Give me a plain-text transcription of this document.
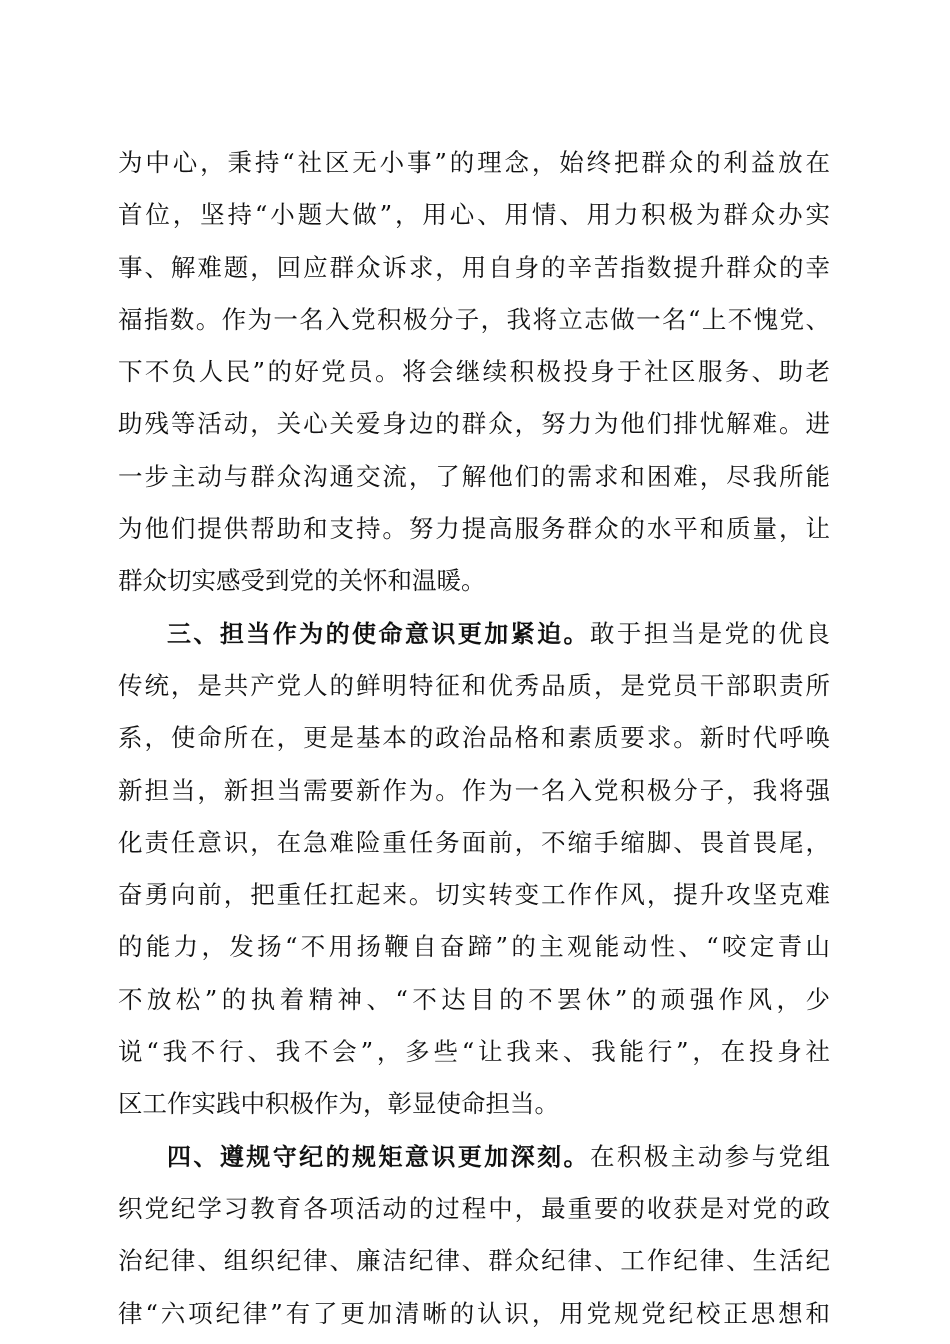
为中心，秉持“社区无小事”的理念，始终把群众的利益放在
首位，坚持“小题大做”，用心、用情、用力积极为群众办实
事、解难题，回应群众诉求，用自身的辛苦指数提升群众的幸
福指数。作为一名入党积极分子，我将立志做一名“上不愧党、
下不负人民”的好党员。将会继续积极投身于社区服务、助老
助残等活动，关心关爱身边的群众，努力为他们排忧解难。进
一步主动与群众沟通交流，了解他们的需求和困难，尽我所能
为他们提供帮助和支持。努力提高服务群众的水平和质量，让
群众切实感受到党的关怀和温暖。
三、担当作为的使命意识更加紧迫。敢于担当是党的优良
传统，是共产党人的鲜明特征和优秀品质，是党员干部职责所
系，使命所在，更是基本的政治品格和素质要求。新时代呼唤
新担当，新担当需要新作为。作为一名入党积极分子，我将强
化责任意识，在急难险重任务面前，不缩手缩脚、畏首畏尾，
奋勇向前，把重任扛起来。切实转变工作作风，提升攻坚克难
的能力，发扬“不用扬鞭自奋蹄”的主观能动性、“咬定青山
不放松”的执着精神、“不达目的不罢休”的顽强作风，少
说“我不行、我不会”，多些“让我来、我能行”，在投身社
区工作实践中积极作为，彰显使命担当。
四、遵规守纪的规矩意识更加深刻。在积极主动参与党组
织党纪学习教育各项活动的过程中，最重要的收获是对党的政
治纪律、组织纪律、廉洁纪律、群众纪律、工作纪律、生活纪
律“六项纪律”有了更加清晰的认识，用党规党纪校正思想和
